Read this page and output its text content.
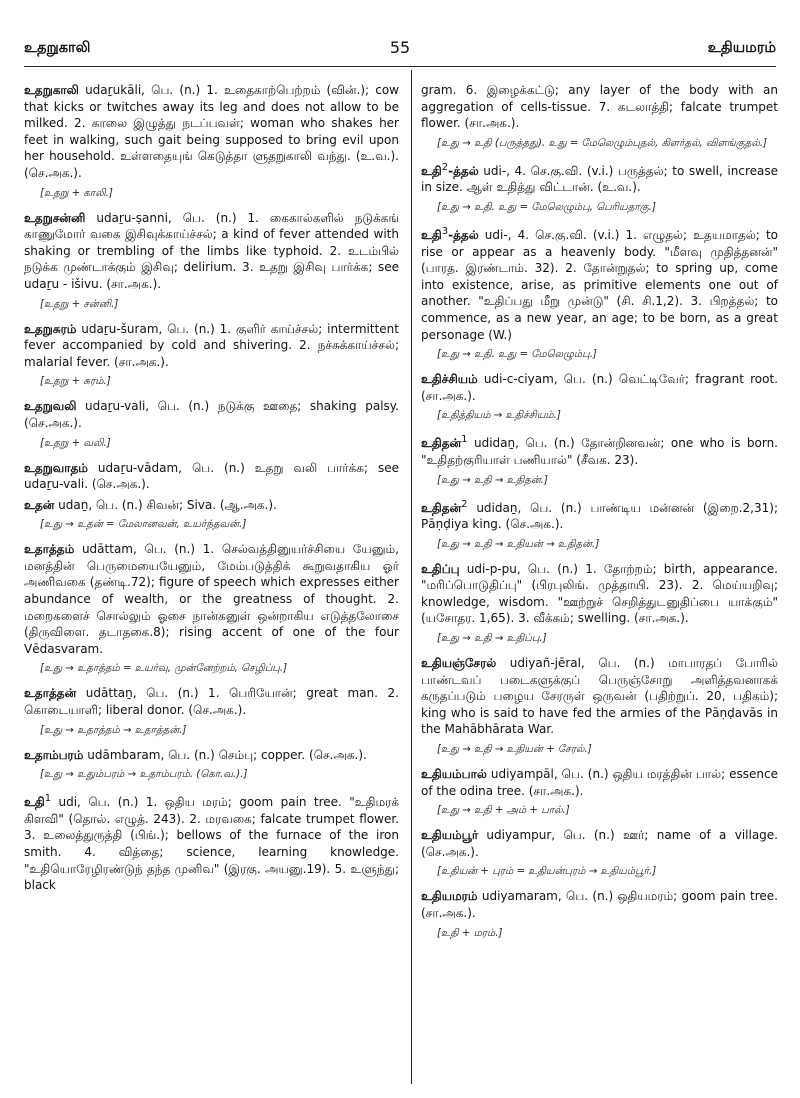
உதறுகாலி	55	உதியமரம்
உதறுகாலி udaṟukāli, பெ. (n.) 1. உதைகாற்பெற்றம் (வின்.); cow that kicks or twitches away its leg and does not allow to be milked. 2. காலை இழுத்து நடப்பவள்; woman who shakes her feet in walking, such gait being supposed to bring evil upon her household. உள்ளதையுங் கெடுத்தா ளுதறுகாலி வந்து. (உ.வ.). (செ.அக.).
[உதறு + காலி.]
உதறுசன்னி udaṟu-ṣanni, பெ. (n.) 1. கைகால்களில் நடுக்கங் காணுமோர் வகை இசிவுக்காய்ச்சல்; a kind of fever attended with shaking or trembling of the limbs like typhoid. 2. உடம்பில் நடுக்க முண்டாக்கும் இசிவு; delirium. 3. உதறு இசிவு பார்க்க; see udaṟu - išivu. (சா.அக.).
[உதறு + சன்னி.]
உதறுசுரம் udaṟu-šuram, பெ. (n.) 1. குளிர் காய்ச்சல்; intermittent fever accompanied by cold and shivering. 2. நச்சுக்காய்ச்சல்; malarial fever. (சா.அக.).
[உதறு + சுரம்.]
உதறுவலி udaṟu-vali, பெ. (n.) நடுக்கு ஊதை; shaking palsy. (செ.அக.).
[உதறு + வலி.]
உதறுவாதம் udaṟu-vādam, பெ. (n.) உதறு வலி பார்க்க; see udaṟu-vali. (செ.அக.).
உதன் udaṉ, பெ. (n.) சிவன்; Siva. (ஆ.அக.).
[உது → உதன் = மேலானவன், உயர்ந்தவன்.]
உதாத்தம் udāttam, பெ. (n.) 1. செல்வத்தினுயர்ச்சியை யேனும், மனத்தின் பெருமையையேனும், மேம்படுத்திக் கூறுவதாகிய ஓர் அணிவகை (தண்டி.72); figure of speech which expresses either abundance of wealth, or the greatness of thought. 2. மறைகளைச் சொல்லும் ஓசை நான்கனுள் ஒன்றாகிய எடுத்தலோசை (திருவிளை. தடாதகை.8); rising accent of one of the four Vēdasvaram.
[உது → உதாத்தம் = உயர்வு, முன்னேற்றம், செழிப்பு.]
உதாத்தன் udāttaṉ, பெ. (n.) 1. பெரியோன்; great man. 2. கொடையாளி; liberal donor. (செ.அக.).
[உது → உதாத்தம் → உதாத்தன்.]
உதாம்பரம் udāmbaram, பெ. (n.) செம்பு; copper. (செ.அக.).
[உது → உதும்பரம் → உதாம்பரம். (கொ.வ.).]
உதி$^1$ udi, பெ. (n.) 1. ஒதிய மரம்; goom pain tree. "உதிமரக் கிளவி" (தொல். எழுத். 243). 2. மரவகை; falcate trumpet flower. 3. உலைத்துருத்தி (பிங்.); bellows of the furnace of the iron smith. 4. வித்தை; science, learning knowledge. "உதியொரேழிரண்டுந் தந்த முனிவ" (இரகு. அயனு.19). 5. உளுந்து; black
gram. 6. இழைக்கட்டு; any layer of the body with an aggregation of cells-tissue. 7. கடலாத்தி; falcate trumpet flower. (சா.அக.).
[உது → உதி (பருத்தது). உது = மேலெழும்புதல், கிளர்தல், விளங்குதல்.]
உதி$^2$-த்தல் udi-, 4. செ.கு.வி. (v.i.) பருத்தல்; to swell, increase in size. ஆள் உதித்து விட்டான். (உ.வ.).
[உது → உதி. உது = மேலெழும்பு, பெரியதாகு.]
உதி$^3$-த்தல் udi-, 4. செ.கு.வி. (v.i.) 1. எழுதல்; உதயமாதல்; to rise or appear as a heavenly body. "மீளவு முதித்தனன்" (பாரத. இரண்டாம். 32). 2. தோன்றுதல்; to spring up, come into existence, arise, as primitive elements one out of another. "உதிப்பது மீறு முன்டு" (சி. சி.1,2). 3. பிறத்தல்; to commence, as a new year, an age; to be born, as a great personage (W.)
[உது → உதி. உது = மேலெழும்பு.]
உதிச்சியம் udi-c-ciyam, பெ. (n.) வெட்டிவேர்; fragrant root. (சா.அக.).
[உதித்தியம் → உதிச்சியம்.]
உதிதன்$^1$ udidaṉ, பெ. (n.) தோன்றினவன்; one who is born. "உதிதற்குரியாள் பணியால்" (சீவக. 23).
[உது → உதி → உதிதன்.]
உதிதன்$^2$ udidaṉ, பெ. (n.) பாண்டிய மன்னன் (இறை.2,31); Pāṇḍiya king. (செ.அக.).
[உது → உதி → உதியன் → உதிதன்.]
உதிப்பு udi-p-pu, பெ. (n.) 1. தோற்றம்; birth, appearance. "மரிப்பொடுதிப்பு" (பிரபுலிங். முத்தாயி. 23). 2. மெய்யறிவு; knowledge, wisdom. "ஊற்றுச் செறித்துடனுதிப்பை யாக்கும்" (யசோதர. 1,65). 3. வீக்கம்; swelling. (சா.அக.).
[உது → உதி → உதிப்பு.]
உதியஞ்சேரல் udiyañ-jēral, பெ. (n.) மாபாரதப் போரில் பாண்டவப் படைகளுக்குப் பெருஞ்சோறு அளித்தவனாகக் கருதப்படும் பழைய சேரருள் ஒருவன் (பதிற்றுப். 20, பதிகம்); king who is said to have fed the armies of the Pāṇḍavās in the Mahābhārata War.
[உது → உதி → உதியன் + சேரல்.]
உதியம்பால் udiyampāl, பெ. (n.) ஒதிய மரத்தின் பால்; essence of the odina tree. (சா.அக.).
[உது → உதி + அம் + பால்.]
உதியம்பூர் udiyampur, பெ. (n.) ஊர்; name of a village. (செ.அக.).
[உதியன் + புரம் = உதியன்புரம் → உதியம்பூர்.]
உதியமரம் udiyamaram, பெ. (n.) ஒதியமரம்; goom pain tree. (சா.அக.).
[உதி + மரம்.]
